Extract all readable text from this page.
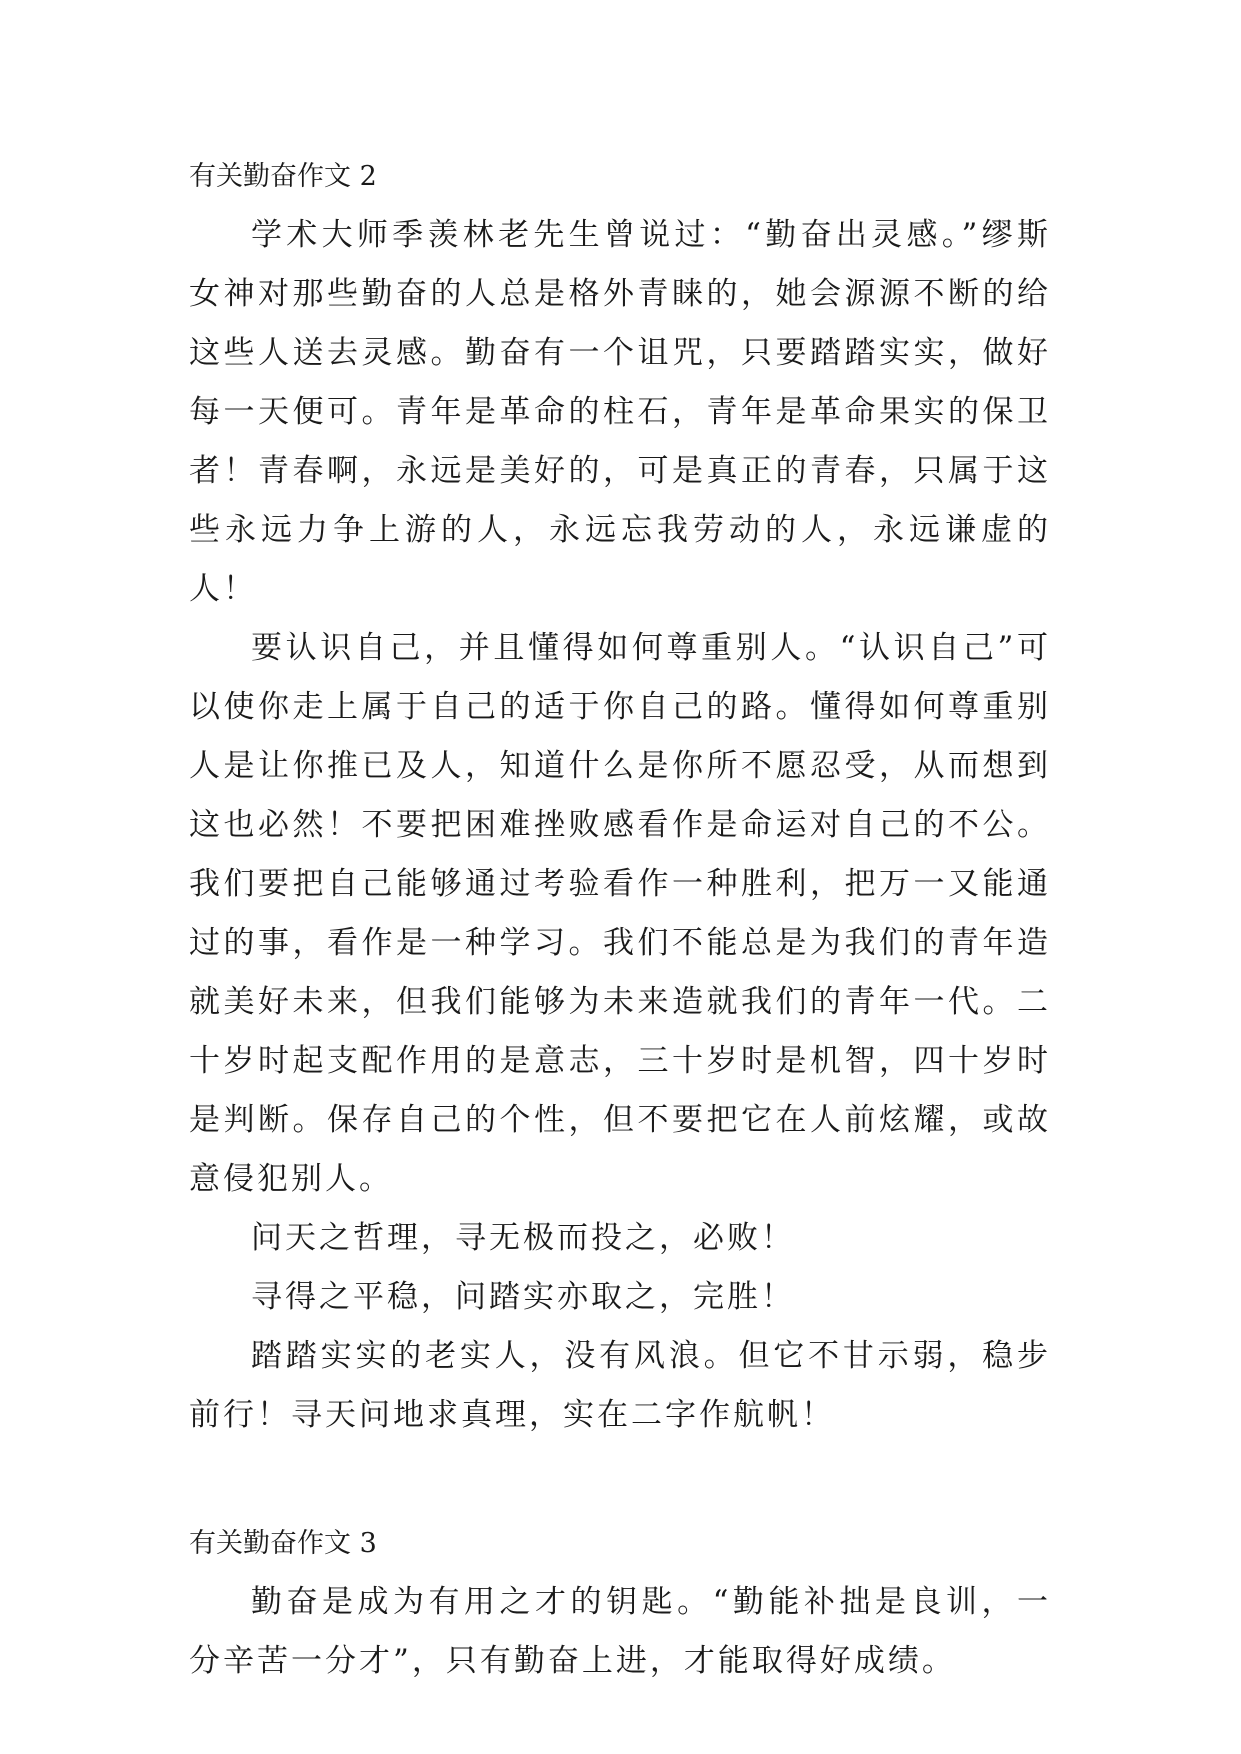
有关勤奋作文 2

学术大师季羡林老先生曾说过：“勤奋出灵感。”缪斯女神对那些勤奋的人总是格外青睐的，她会源源不断的给这些人送去灵感。勤奋有一个诅咒，只要踏踏实实，做好每一天便可。青年是革命的柱石，青年是革命果实的保卫者！青春啊，永远是美好的，可是真正的青春，只属于这些永远力争上游的人，永远忘我劳动的人，永远谦虚的人！

要认识自己，并且懂得如何尊重别人。“认识自己”可以使你走上属于自己的适于你自己的路。懂得如何尊重别人是让你推已及人，知道什么是你所不愿忍受，从而想到这也必然！不要把困难挫败感看作是命运对自己的不公。我们要把自己能够通过考验看作一种胜利，把万一又能通过的事，看作是一种学习。我们不能总是为我们的青年造就美好未来，但我们能够为未来造就我们的青年一代。二十岁时起支配作用的是意志，三十岁时是机智，四十岁时是判断。保存自己的个性，但不要把它在人前炫耀，或故意侵犯别人。

问天之哲理，寻无极而投之，必败！

寻得之平稳，问踏实亦取之，完胜！

踏踏实实的老实人，没有风浪。但它不甘示弱，稳步前行！寻天问地求真理，实在二字作航帆！

有关勤奋作文 3

勤奋是成为有用之才的钥匙。“勤能补拙是良训，一分辛苦一分才”，只有勤奋上进，才能取得好成绩。
